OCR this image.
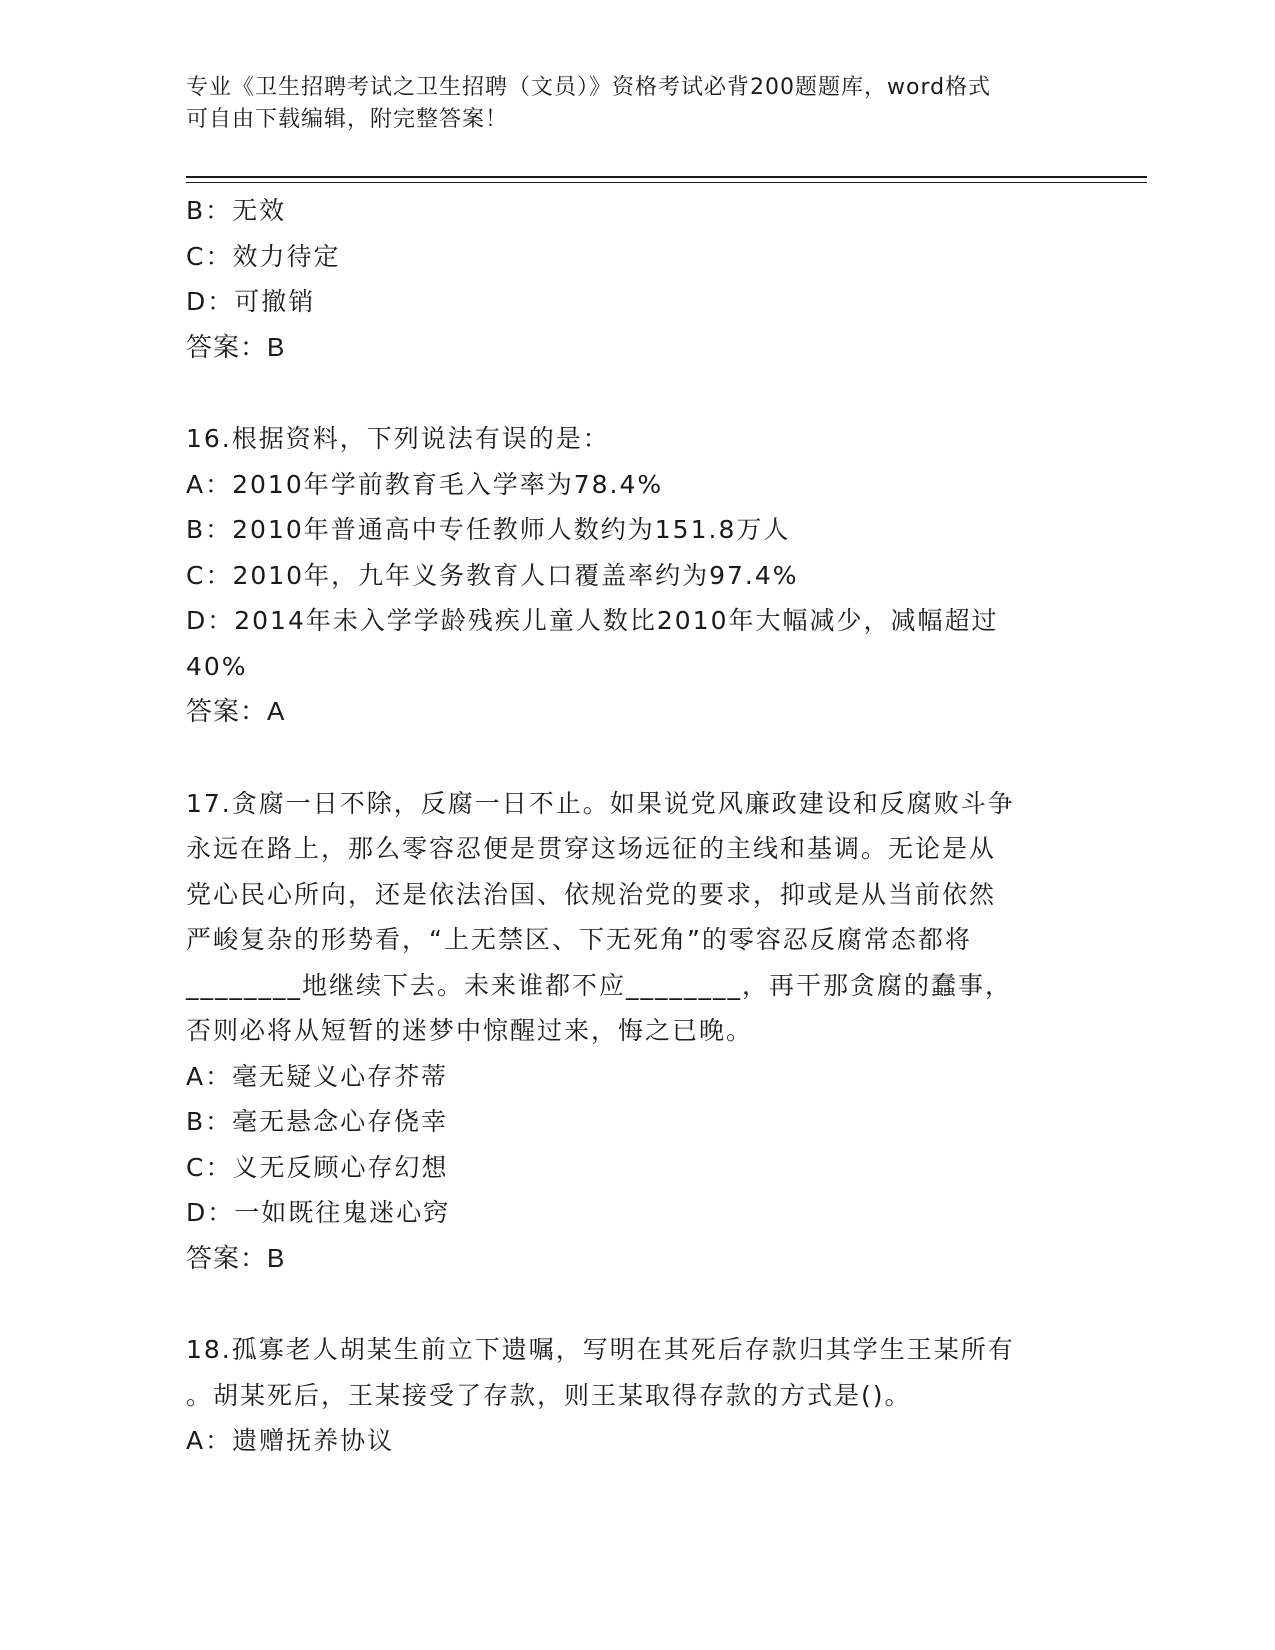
专业《卫生招聘考试之卫生招聘（文员）》资格考试必背200题题库，word格式
可自由下载编辑，附完整答案！
B：无效
C：效力待定
D：可撤销
答案：B
16.根据资料，下列说法有误的是：
A：2010年学前教育毛入学率为78.4%
B：2010年普通高中专任教师人数约为151.8万人
C：2010年，九年义务教育人口覆盖率约为97.4%
D：2014年未入学学龄残疾儿童人数比2010年大幅减少，减幅超过
40%
答案：A
17.贪腐一日不除，反腐一日不止。如果说党风廉政建设和反腐败斗争
永远在路上，那么零容忍便是贯穿这场远征的主线和基调。无论是从
党心民心所向，还是依法治国、依规治党的要求，抑或是从当前依然
严峻复杂的形势看，“上无禁区、下无死角”的零容忍反腐常态都将
________地继续下去。未来谁都不应________，再干那贪腐的蠢事，
否则必将从短暂的迷梦中惊醒过来，悔之已晚。
A：毫无疑义心存芥蒂
B：毫无悬念心存侥幸
C：义无反顾心存幻想
D：一如既往鬼迷心窍
答案：B
18.孤寡老人胡某生前立下遗嘱，写明在其死后存款归其学生王某所有
。胡某死后，王某接受了存款，则王某取得存款的方式是()。
A：遗赠抚养协议
